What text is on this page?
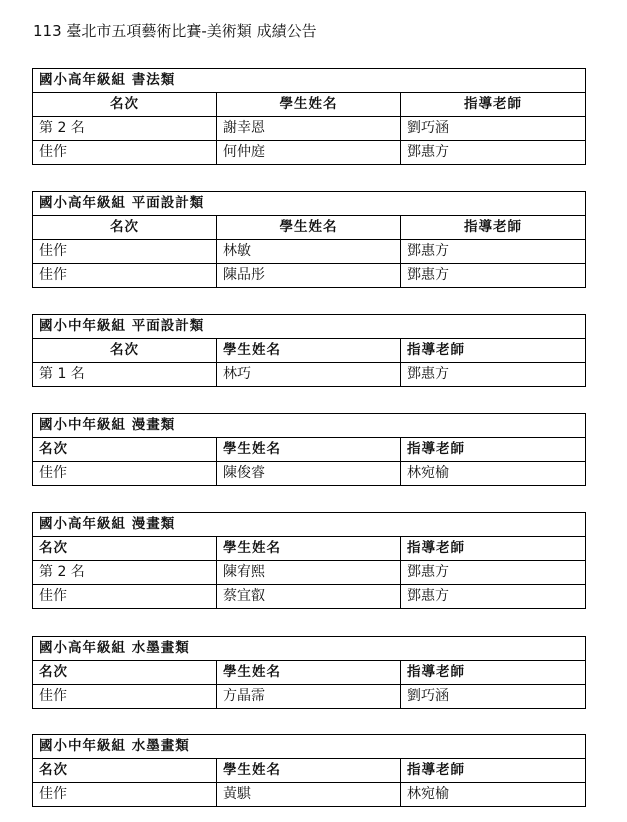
113 臺北市五項藝術比賽-美術類 成績公告
國小高年級組 書法類		
名次	學生姓名	指導老師
第 2 名	謝幸恩	劉巧涵
佳作	何仲庭	鄧惠方
國小高年級組 平面設計類		
名次	學生姓名	指導老師
佳作	林敏	鄧惠方
佳作	陳品彤	鄧惠方
國小中年級組 平面設計類		
名次	學生姓名	指導老師
第 1 名	林巧	鄧惠方
國小中年級組 漫畫類		
名次	學生姓名	指導老師
佳作	陳俊睿	林宛榆
國小高年級組 漫畫類		
名次	學生姓名	指導老師
第 2 名	陳宥熙	鄧惠方
佳作	蔡宜叡	鄧惠方
國小高年級組 水墨畫類		
名次	學生姓名	指導老師
佳作	方晶霈	劉巧涵
國小中年級組 水墨畫類		
名次	學生姓名	指導老師
佳作	黃騏	林宛榆
